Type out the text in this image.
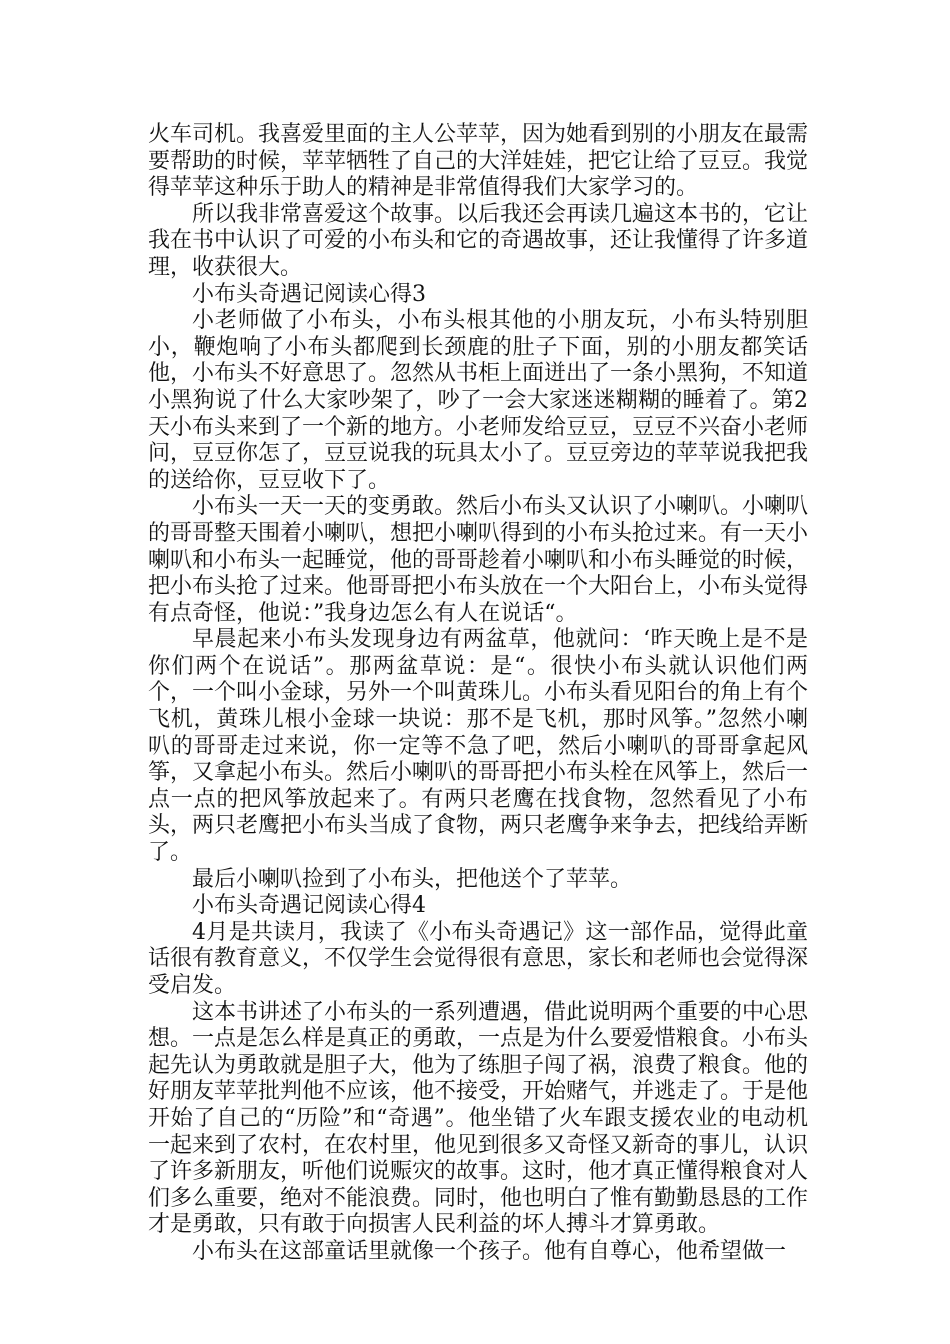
火车司机。我喜爱里面的主人公苹苹，因为她看到别的小朋友在最需要帮助的时候，苹苹牺牲了自己的大洋娃娃，把它让给了豆豆。我觉得苹苹这种乐于助人的精神是非常值得我们大家学习的。

所以我非常喜爱这个故事。以后我还会再读几遍这本书的，它让我在书中认识了可爱的小布头和它的奇遇故事，还让我懂得了许多道理，收获很大。

小布头奇遇记阅读心得3

小老师做了小布头，小布头根其他的小朋友玩，小布头特别胆小，鞭炮响了小布头都爬到长颈鹿的肚子下面，别的小朋友都笑话他，小布头不好意思了。忽然从书柜上面迸出了一条小黑狗，不知道小黑狗说了什么大家吵架了，吵了一会大家迷迷糊糊的睡着了。第2天小布头来到了一个新的地方。小老师发给豆豆，豆豆不兴奋小老师问，豆豆你怎了，豆豆说我的玩具太小了。豆豆旁边的苹苹说我把我的送给你，豆豆收下了。

小布头一天一天的变勇敢。然后小布头又认识了小喇叭。小喇叭的哥哥整天围着小喇叭，想把小喇叭得到的小布头抢过来。有一天小喇叭和小布头一起睡觉，他的哥哥趁着小喇叭和小布头睡觉的时候，把小布头抢了过来。他哥哥把小布头放在一个大阳台上，小布头觉得有点奇怪，他说：”我身边怎么有人在说话“。

早晨起来小布头发现身边有两盆草，他就问：‘昨天晚上是不是你们两个在说话”。那两盆草说：是“。很快小布头就认识他们两个，一个叫小金球，另外一个叫黄珠儿。小布头看见阳台的角上有个飞机，黄珠儿根小金球一块说：那不是飞机，那时风筝。”忽然小喇叭的哥哥走过来说，你一定等不急了吧，然后小喇叭的哥哥拿起风筝，又拿起小布头。然后小喇叭的哥哥把小布头栓在风筝上，然后一点一点的把风筝放起来了。有两只老鹰在找食物，忽然看见了小布头，两只老鹰把小布头当成了食物，两只老鹰争来争去，把线给弄断了。

最后小喇叭捡到了小布头，把他送个了苹苹。

小布头奇遇记阅读心得4

4月是共读月，我读了《小布头奇遇记》这一部作品，觉得此童话很有教育意义，不仅学生会觉得很有意思，家长和老师也会觉得深受启发。

这本书讲述了小布头的一系列遭遇，借此说明两个重要的中心思想。一点是怎么样是真正的勇敢，一点是为什么要爱惜粮食。小布头起先认为勇敢就是胆子大，他为了练胆子闯了祸，浪费了粮食。他的好朋友苹苹批判他不应该，他不接受，开始赌气，并逃走了。于是他开始了自己的“历险”和“奇遇”。他坐错了火车跟支援农业的电动机一起来到了农村，在农村里，他见到很多又奇怪又新奇的事儿，认识了许多新朋友，听他们说赈灾的故事。这时，他才真正懂得粮食对人们多么重要，绝对不能浪费。同时，他也明白了惟有勤勤恳恳的工作才是勇敢，只有敢于向损害人民利益的坏人搏斗才算勇敢。

小布头在这部童话里就像一个孩子。他有自尊心，他希望做一
